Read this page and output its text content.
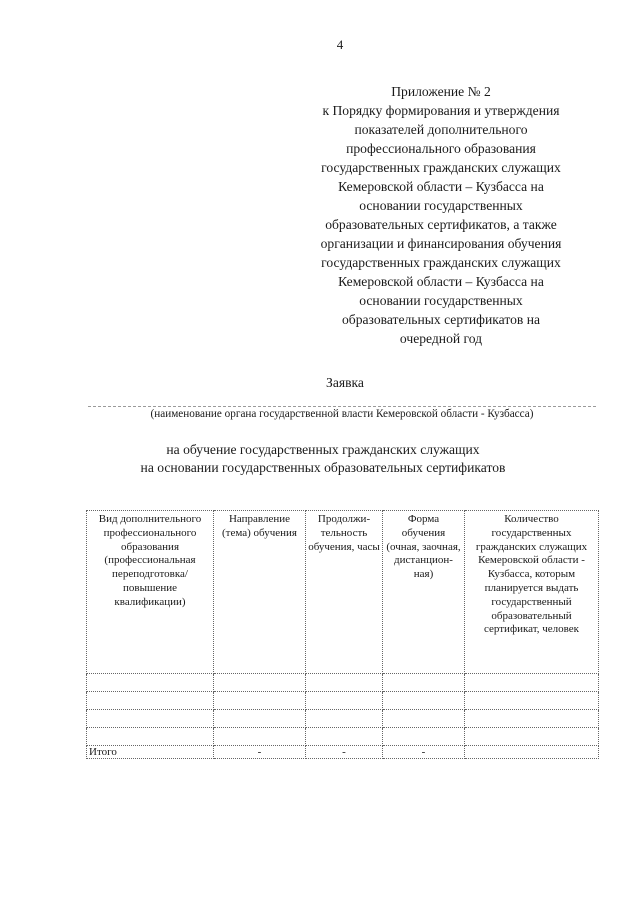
4
Приложение № 2
к Порядку формирования и утверждения
показателей дополнительного
профессионального образования
государственных гражданских служащих
Кемеровской области – Кузбасса на
основании государственных
образовательных сертификатов, а также
организации и финансирования обучения
государственных гражданских служащих
Кемеровской области – Кузбасса на
основании государственных
образовательных сертификатов на
очередной год
Заявка
(наименование органа государственной власти Кемеровской области - Кузбасса)
на обучение государственных гражданских служащих
на основании государственных образовательных сертификатов
Вид дополнительного профессионального образования (профессиональная переподготовка/ повышение квалификации)	Направление (тема) обучения	Продолжи-тельность обучения, часы	Форма обучения (очная, заочная, дистанцион-ная)	Количество государственных гражданских служащих Кемеровской области - Кузбасса, которым планируется выдать государственный образовательный сертификат, человек

Итого	-	-	-	
